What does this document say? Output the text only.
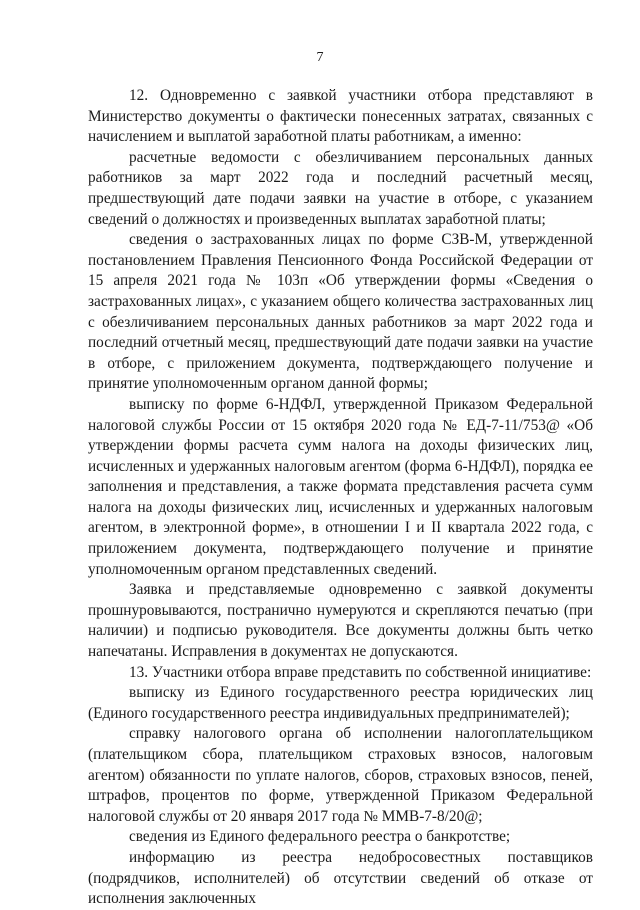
7

12. Одновременно с заявкой участники отбора представляют в Министерство документы о фактически понесенных затратах, связанных с начислением и выплатой заработной платы работникам, а именно:

расчетные ведомости с обезличиванием персональных данных работников за март 2022 года и последний расчетный месяц, предшествующий дате подачи заявки на участие в отборе, с указанием сведений о должностях и произведенных выплатах заработной платы;

сведения о застрахованных лицах по форме СЗВ-М, утвержденной постановлением Правления Пенсионного Фонда Российской Федерации от 15 апреля 2021 года № 103п «Об утверждении формы «Сведения о застрахованных лицах», с указанием общего количества застрахованных лиц с обезличиванием персональных данных работников за март 2022 года и последний отчетный месяц, предшествующий дате подачи заявки на участие в отборе, с приложением документа, подтверждающего получение и принятие уполномоченным органом данной формы;

выписку по форме 6-НДФЛ, утвержденной Приказом Федеральной налоговой службы России от 15 октября 2020 года № ЕД-7-11/753@ «Об утверждении формы расчета сумм налога на доходы физических лиц, исчисленных и удержанных налоговым агентом (форма 6-НДФЛ), порядка ее заполнения и представления, а также формата представления расчета сумм налога на доходы физических лиц, исчисленных и удержанных налоговым агентом, в электронной форме», в отношении I и II квартала 2022 года, с приложением документа, подтверждающего получение и принятие уполномоченным органом представленных сведений.

Заявка и представляемые одновременно с заявкой документы прошнуровываются, постранично нумеруются и скрепляются печатью (при наличии) и подписью руководителя. Все документы должны быть четко напечатаны. Исправления в документах не допускаются.

13. Участники отбора вправе представить по собственной инициативе:

выписку из Единого государственного реестра юридических лиц (Единого государственного реестра индивидуальных предпринимателей);

справку налогового органа об исполнении налогоплательщиком (плательщиком сбора, плательщиком страховых взносов, налоговым агентом) обязанности по уплате налогов, сборов, страховых взносов, пеней, штрафов, процентов по форме, утвержденной Приказом Федеральной налоговой службы от 20 января 2017 года № ММВ-7-8/20@;

сведения из Единого федерального реестра о банкротстве;

информацию из реестра недобросовестных поставщиков (подрядчиков, исполнителей) об отсутствии сведений об отказе от исполнения заключенных
